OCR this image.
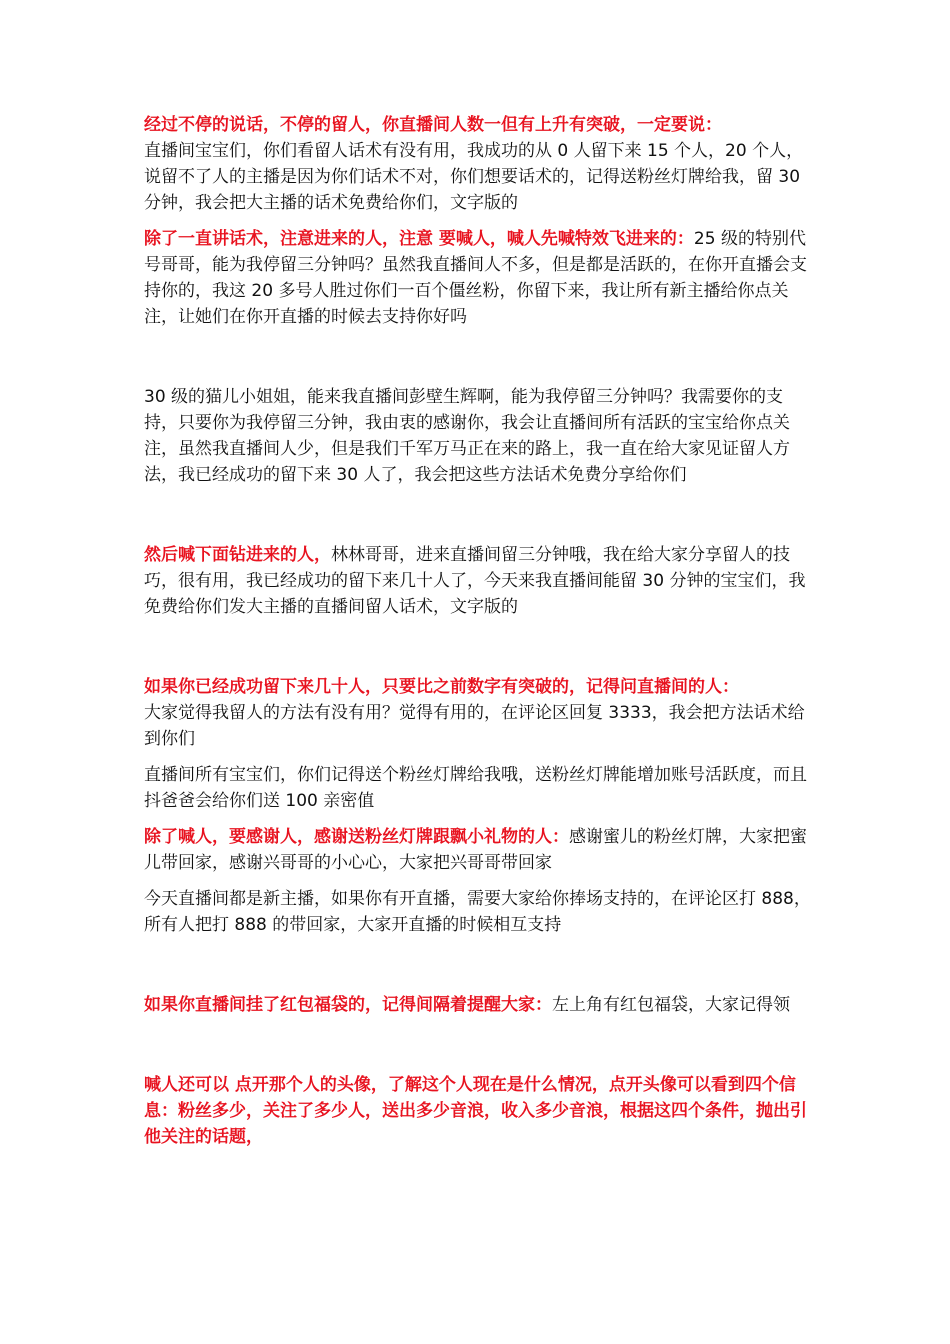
经过不停的说话，不停的留人，你直播间人数一但有上升有突破，一定要说：
直播间宝宝们，你们看留人话术有没有用，我成功的从 0 人留下来 15 个人，20 个人，说留不了人的主播是因为你们话术不对，你们想要话术的，记得送粉丝灯牌给我，留 30 分钟，我会把大主播的话术免费给你们，文字版的

除了一直讲话术，注意进来的人，注意 要喊人，喊人先喊特效飞进来的：25 级的特别代号哥哥，能为我停留三分钟吗？虽然我直播间人不多，但是都是活跃的，在你开直播会支持你的，我这 20 多号人胜过你们一百个僵丝粉，你留下来，我让所有新主播给你点关注，让她们在你开直播的时候去支持你好吗

30 级的猫儿小姐姐，能来我直播间彭壁生辉啊，能为我停留三分钟吗？我需要你的支持，只要你为我停留三分钟，我由衷的感谢你，我会让直播间所有活跃的宝宝给你点关注，虽然我直播间人少，但是我们千军万马正在来的路上，我一直在给大家见证留人方法，我已经成功的留下来 30 人了，我会把这些方法话术免费分享给你们

然后喊下面钻进来的人，林林哥哥，进来直播间留三分钟哦，我在给大家分享留人的技巧，很有用，我已经成功的留下来几十人了，今天来我直播间能留 30 分钟的宝宝们，我免费给你们发大主播的直播间留人话术，文字版的

如果你已经成功留下来几十人，只要比之前数字有突破的，记得问直播间的人：
大家觉得我留人的方法有没有用？觉得有用的，在评论区回复 3333，我会把方法话术给到你们

直播间所有宝宝们，你们记得送个粉丝灯牌给我哦，送粉丝灯牌能增加账号活跃度，而且抖爸爸会给你们送 100 亲密值

除了喊人，要感谢人，感谢送粉丝灯牌跟飘小礼物的人：感谢蜜儿的粉丝灯牌，大家把蜜儿带回家，感谢兴哥哥的小心心，大家把兴哥哥带回家

今天直播间都是新主播，如果你有开直播，需要大家给你捧场支持的，在评论区打 888，所有人把打 888 的带回家，大家开直播的时候相互支持

如果你直播间挂了红包福袋的，记得间隔着提醒大家：左上角有红包福袋，大家记得领

喊人还可以 点开那个人的头像，了解这个人现在是什么情况，点开头像可以看到四个信息：粉丝多少，关注了多少人，送出多少音浪，收入多少音浪，根据这四个条件，抛出引他关注的话题，
